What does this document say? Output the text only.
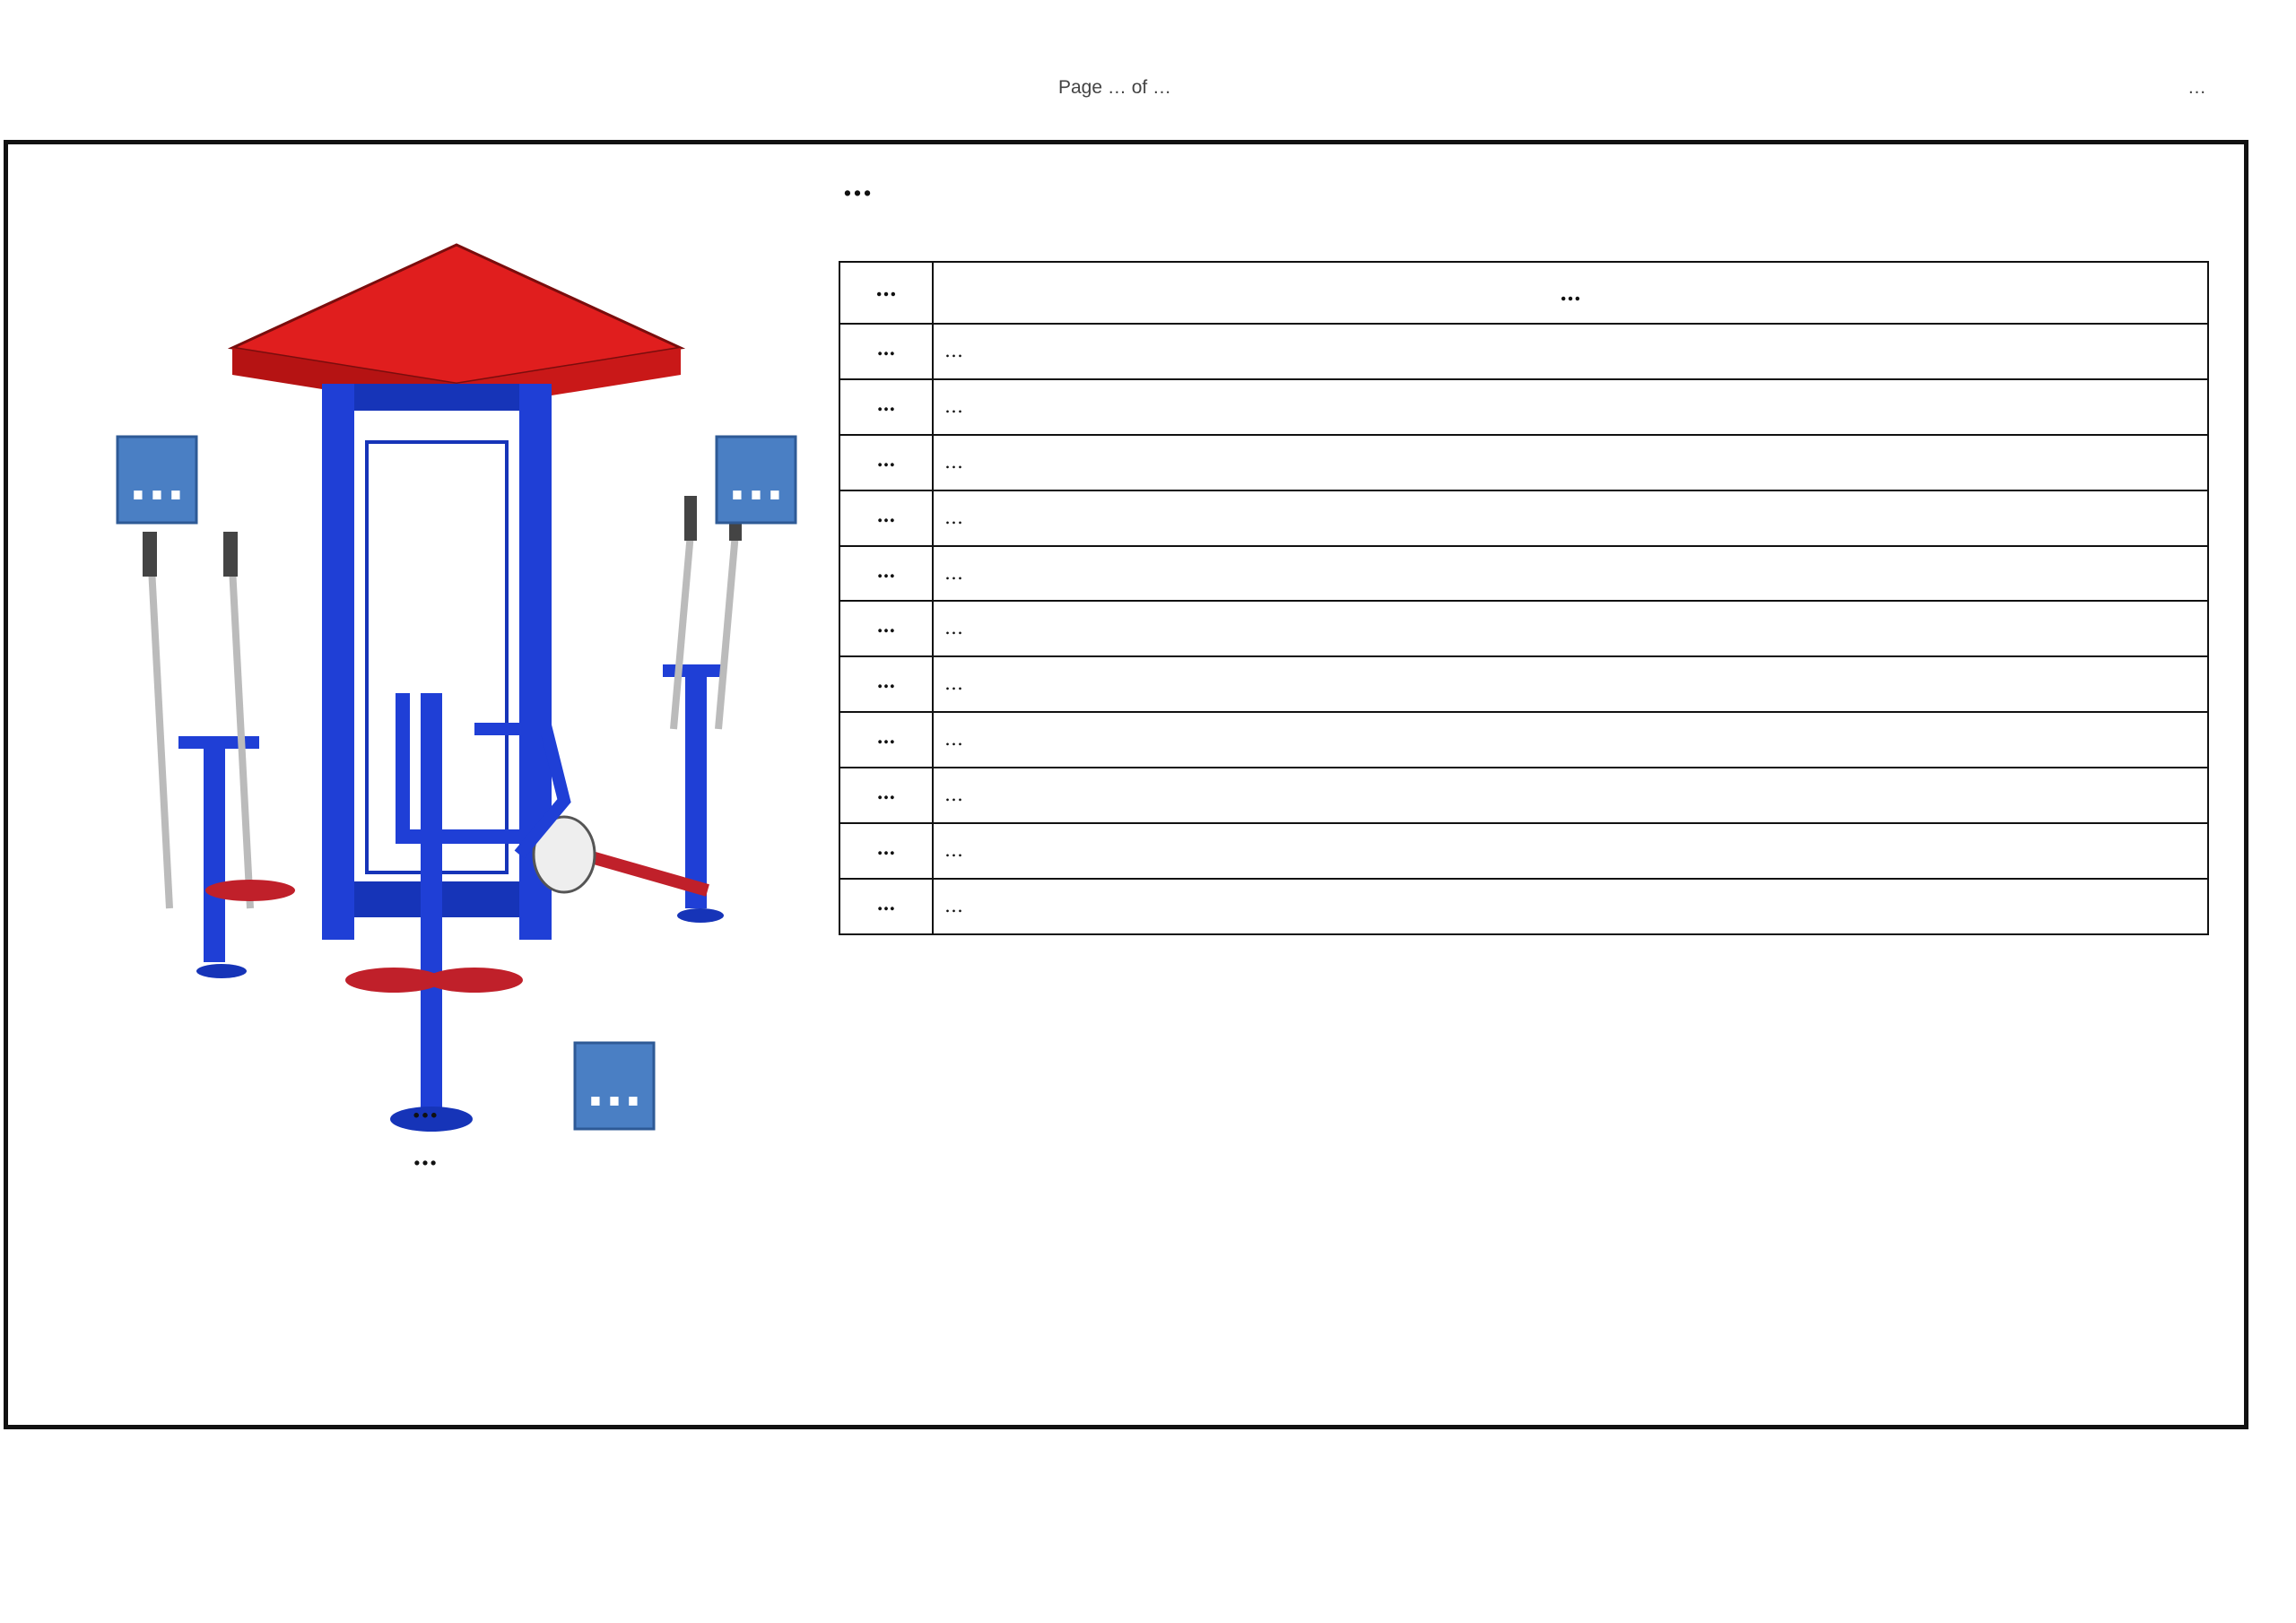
Page … of …	…
…
…	…
…
…
…
…	…
…	…
…	…
…	…
…	…
…	…
…	…
…	…
…	…
…	…
…	…
…	…
